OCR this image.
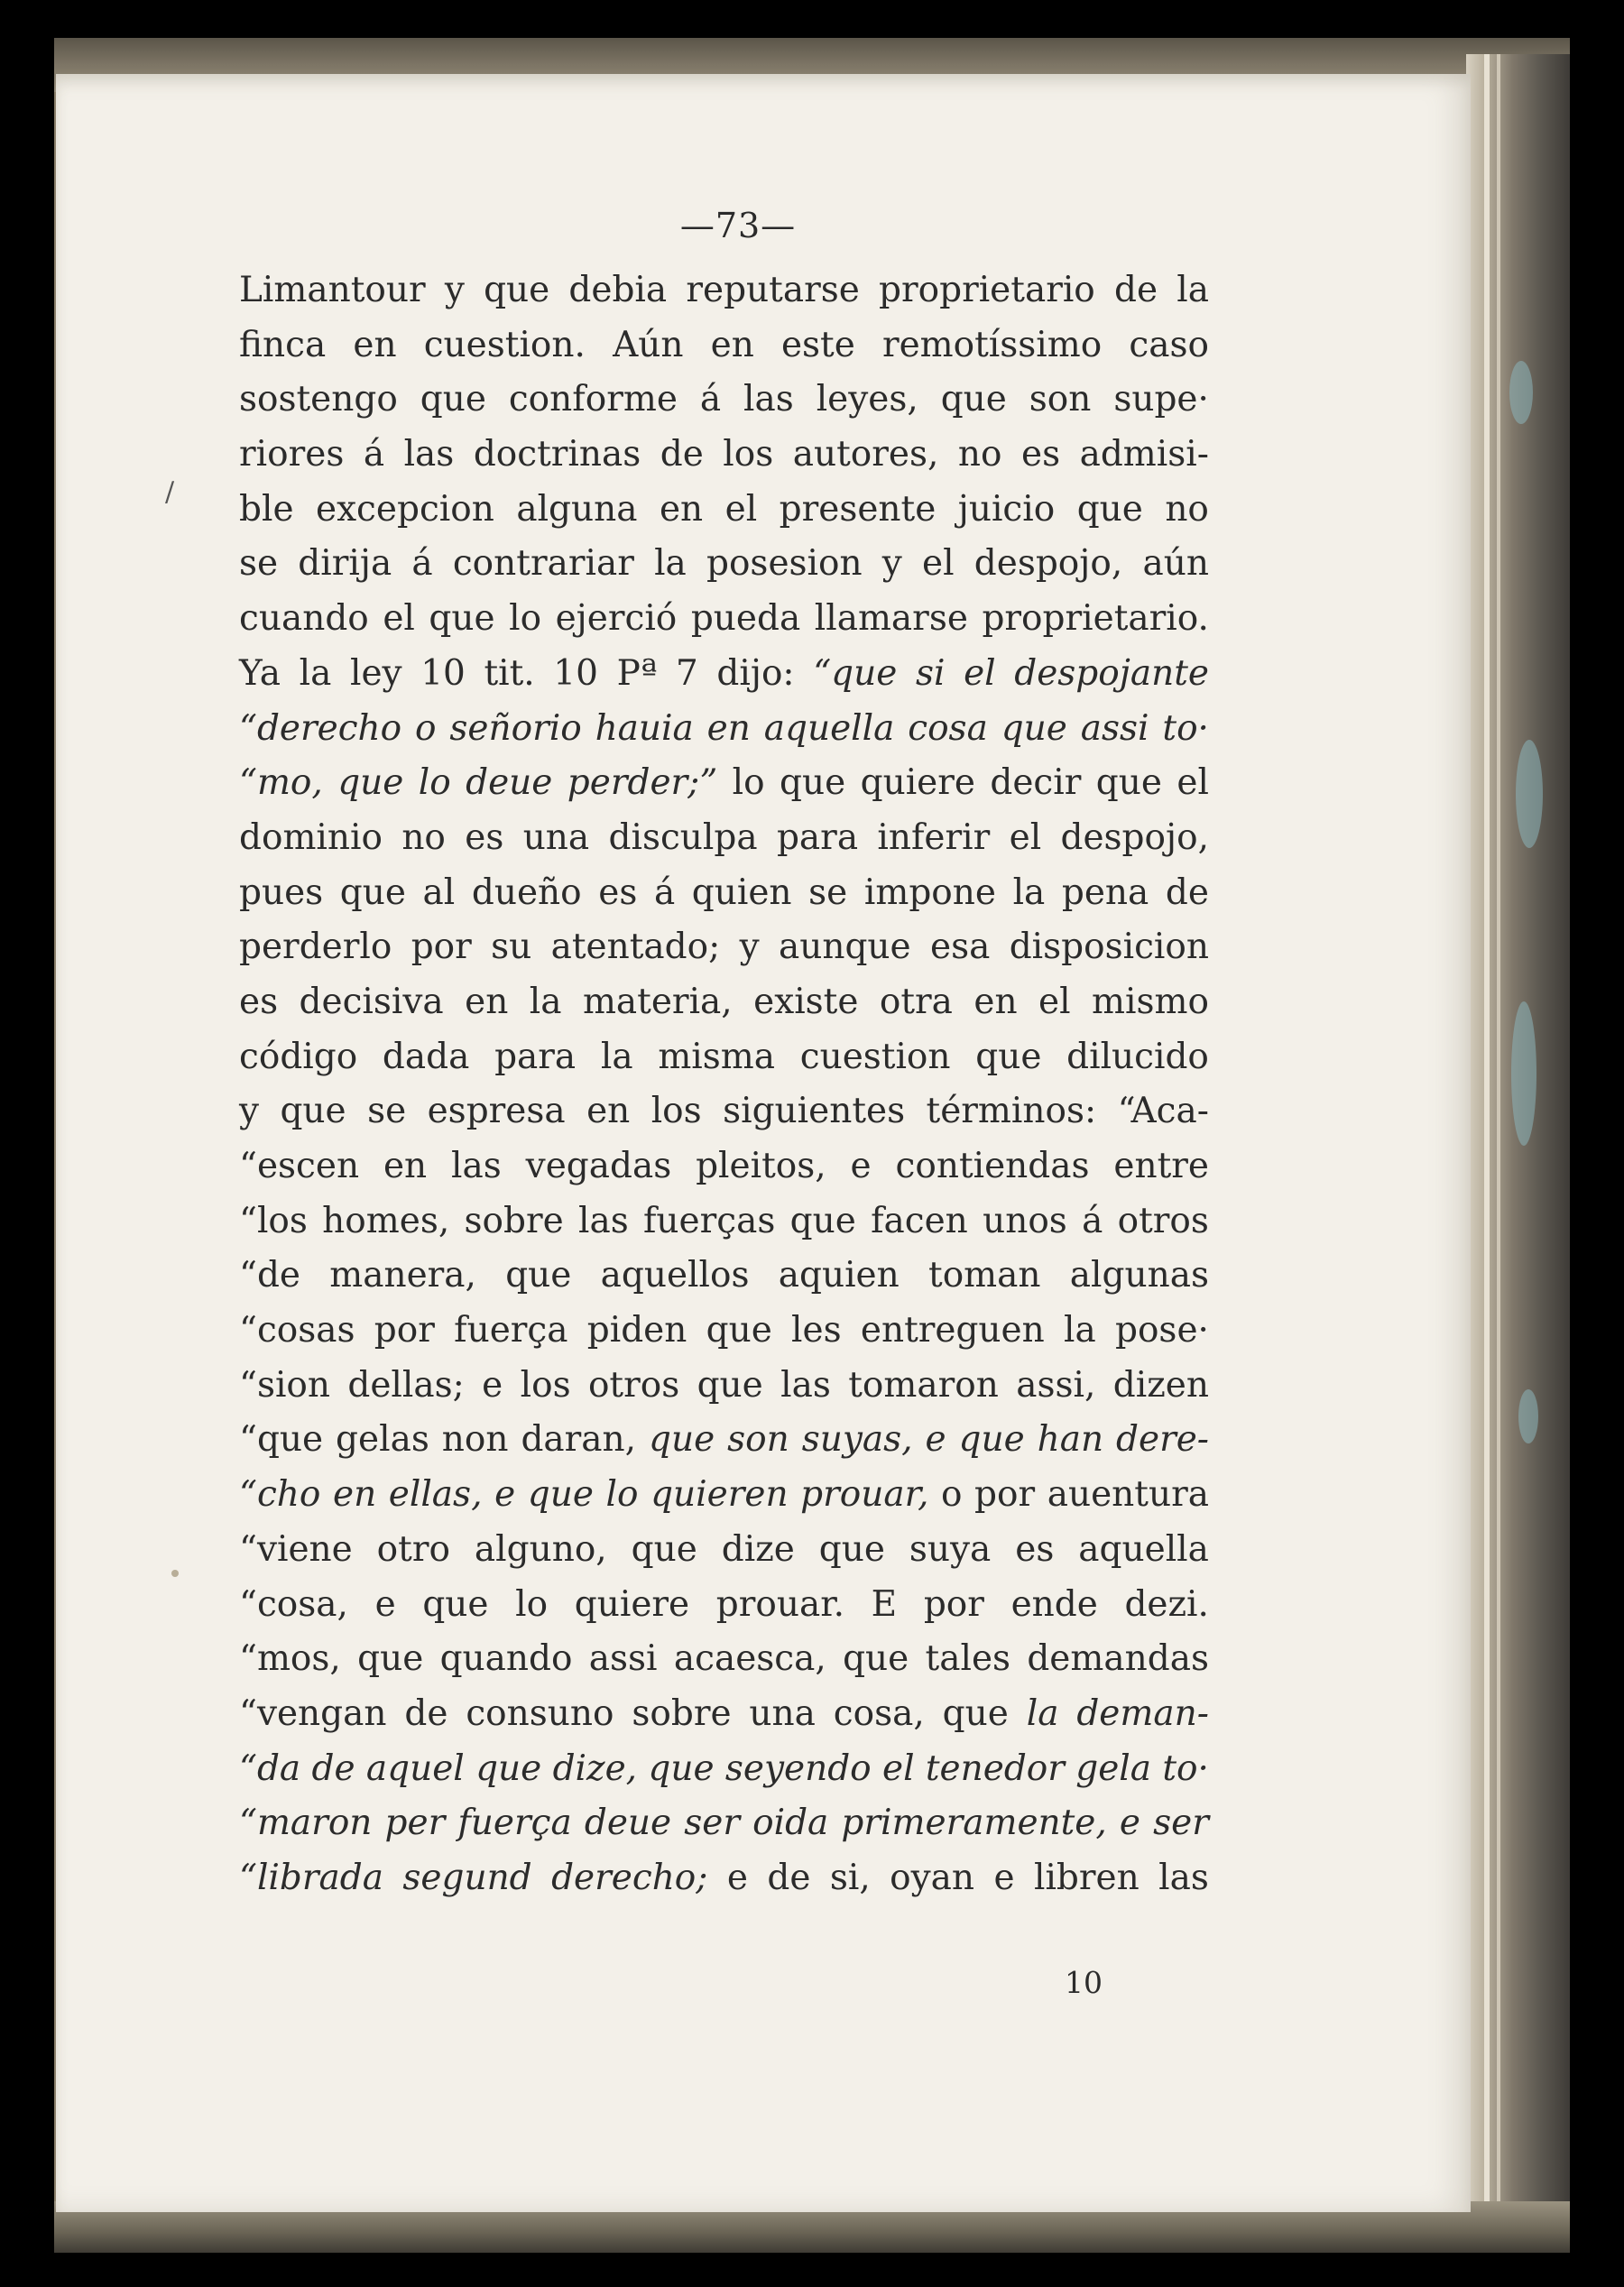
—73—
/
Limantour y que debia reputarse proprietario de la
finca en cuestion. Aún en este remotíssimo caso
sostengo que conforme á las leyes, que son supe·
riores á las doctrinas de los autores, no es admisi-
ble excepcion alguna en el presente juicio que no
se dirija á contrariar la posesion y el despojo, aún
cuando el que lo ejerció pueda llamarse proprietario.
Ya la ley 10 tit. 10 Pª 7 dijo: “que si el despojante
“derecho o señorio hauia en aquella cosa que assi to·
“mo, que lo deue perder;” lo que quiere decir que el
dominio no es una disculpa para inferir el despojo,
pues que al dueño es á quien se impone la pena de
perderlo por su atentado; y aunque esa disposicion
es decisiva en la materia, existe otra en el mismo
código dada para la misma cuestion que dilucido
y que se espresa en los siguientes términos: “Aca-
“escen en las vegadas pleitos, e contiendas entre
“los homes, sobre las fuerças que facen unos á otros
“de manera, que aquellos aquien toman algunas
“cosas por fuerça piden que les entreguen la pose·
“sion dellas; e los otros que las tomaron assi, dizen
“que gelas non daran, que son suyas, e que han dere-
“cho en ellas, e que lo quieren prouar, o por auentura
“viene otro alguno, que dize que suya es aquella
“cosa, e que lo quiere prouar. E por ende dezi.
“mos, que quando assi acaesca, que tales demandas
“vengan de consuno sobre una cosa, que la deman-
“da de aquel que dize, que seyendo el tenedor gela to·
“maron per fuerça deue ser oida primeramente, e ser
“librada segund derecho; e de si, oyan e libren las
10
